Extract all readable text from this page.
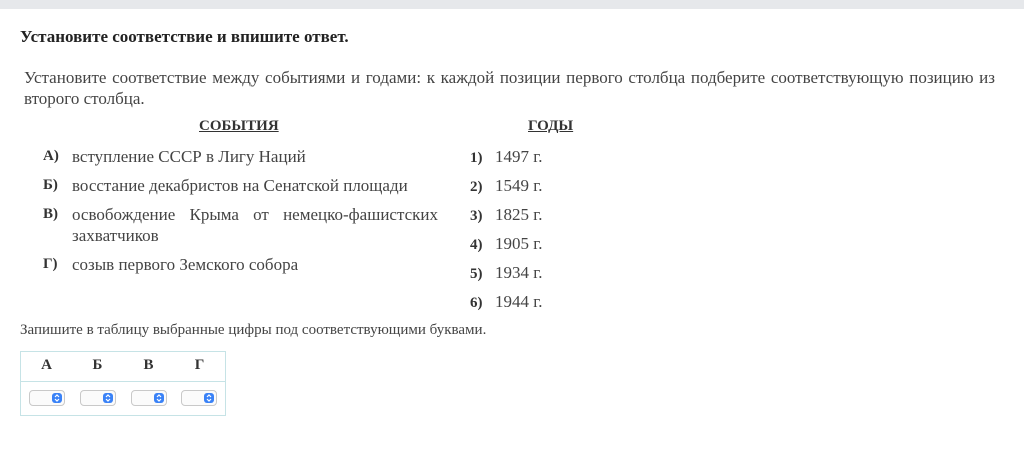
Установите соответствие и впишите ответ.
Установите соответствие между событиями и годами: к каждой позиции первого столбца подберите соответствующую позицию из второго столбца.
СОБЫТИЯ	ГОДЫ
А) вступление СССР в Лигу Наций
Б) восстание декабристов на Сенатской площади
В) освобождение Крыма от немецко-фашистских захватчиков
Г) созыв первого Земского собора
1) 1497 г.
2) 1549 г.
3) 1825 г.
4) 1905 г.
5) 1934 г.
6) 1944 г.
Запишите в таблицу выбранные цифры под соответствующими буквами.
А	Б	В	Г
